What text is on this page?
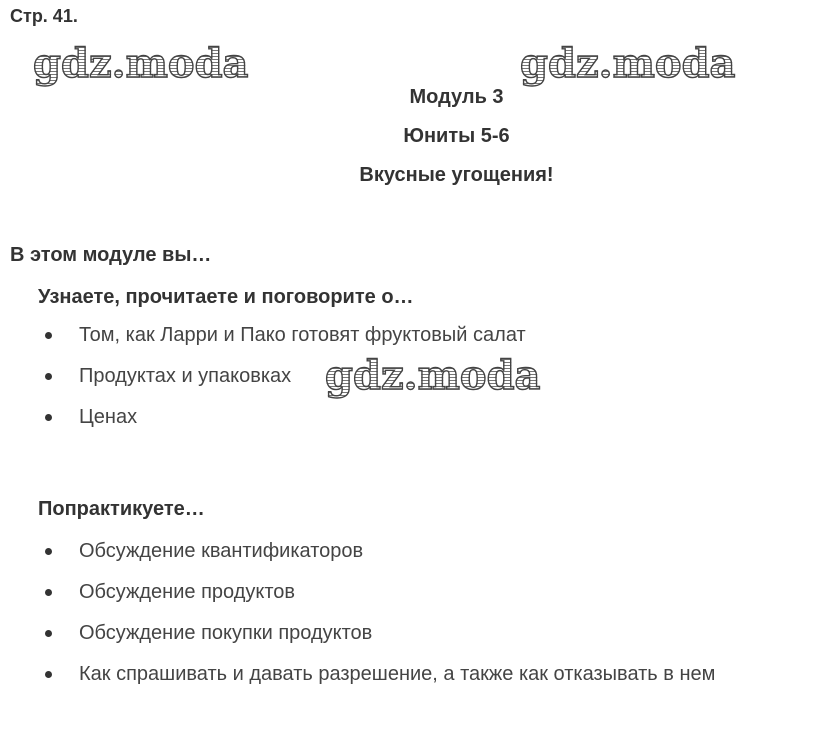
Стр. 41.
gdz.moda	gdz.moda
Модуль 3
Юниты 5-6
Вкусные угощения!
В этом модуле вы…
Узнаете, прочитаете и поговорите о…
Том, как Ларри и Пако готовят фруктовый салат
Продуктах и упаковках
Ценах
Попрактикуете…
Обсуждение квантификаторов
Обсуждение продуктов
Обсуждение покупки продуктов
Как спрашивать и давать разрешение, а также как отказывать в нем
gdz.moda
